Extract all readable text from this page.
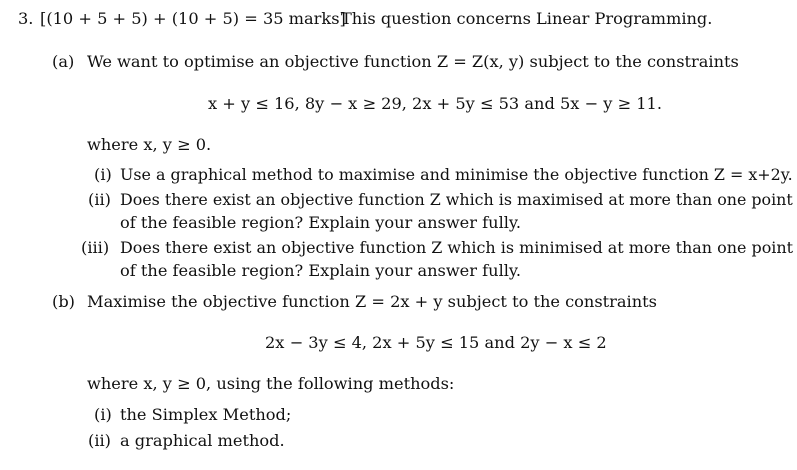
3. [(10 + 5 + 5) + (10 + 5) = 35 marks]
This question concerns Linear Programming.
(a) We want to optimise an objective function Z = Z(x, y) subject to the constraints
x + y ≤ 16, 8y − x ≥ 29, 2x + 5y ≤ 53 and 5x − y ≥ 11.
where x, y ≥ 0.
(i) Use a graphical method to maximise and minimise the objective function Z = x+2y.
(ii) Does there exist an objective function Z which is maximised at more than one point
of the feasible region? Explain your answer fully.
(iii) Does there exist an objective function Z which is minimised at more than one point
of the feasible region? Explain your answer fully.
(b) Maximise the objective function Z = 2x + y subject to the constraints
2x − 3y ≤ 4, 2x + 5y ≤ 15 and 2y − x ≤ 2
where x, y ≥ 0, using the following methods:
(i) the Simplex Method;
(ii) a graphical method.
